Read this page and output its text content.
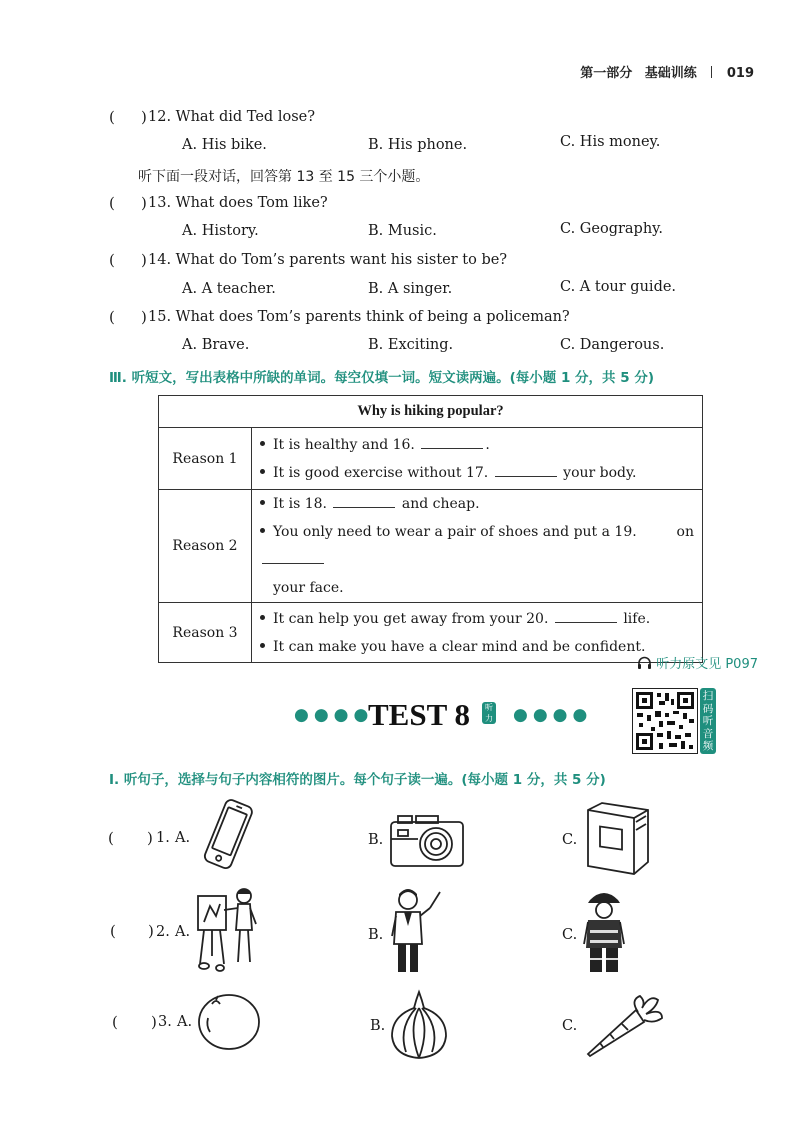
第一部分 基础训练 019
( ) 12. What did Ted lose?
A. His bike.	B. His phone.	C. His money.
听下面一段对话，回答第 13 至 15 三个小题。
( ) 13. What does Tom like?
A. History.	B. Music.	C. Geography.
( ) 14. What do Tom’s parents want his sister to be?
A. A teacher.	B. A singer.	C. A tour guide.
( ) 15. What does Tom’s parents think of being a policeman?
A. Brave.	B. Exciting.	C. Dangerous.
Ⅲ. 听短文，写出表格中所缺的单词。每空仅填一词。短文读两遍。(每小题 1 分，共 5 分)
Why is hiking popular?	
Reason 1	It is healthy and 16. .
It is good exercise without 17. your body.

Reason 2	It is 18. and cheap.
You only need to wear a pair of shoes and put a 19. on
your face.

Reason 3	It can help you get away from your 20. life.
It can make you have a clear mind and be confident.
听力原文见 P097
●●●●
TEST 8	听力 ●●●●
扫码听音频
Ⅰ. 听句子，选择与句子内容相符的图片。每个句子读一遍。(每小题 1 分，共 5 分)
( ) 1. A.	B.	C.
( ) 2. A.	B.	C.
( ) 3. A.	B.	C.
